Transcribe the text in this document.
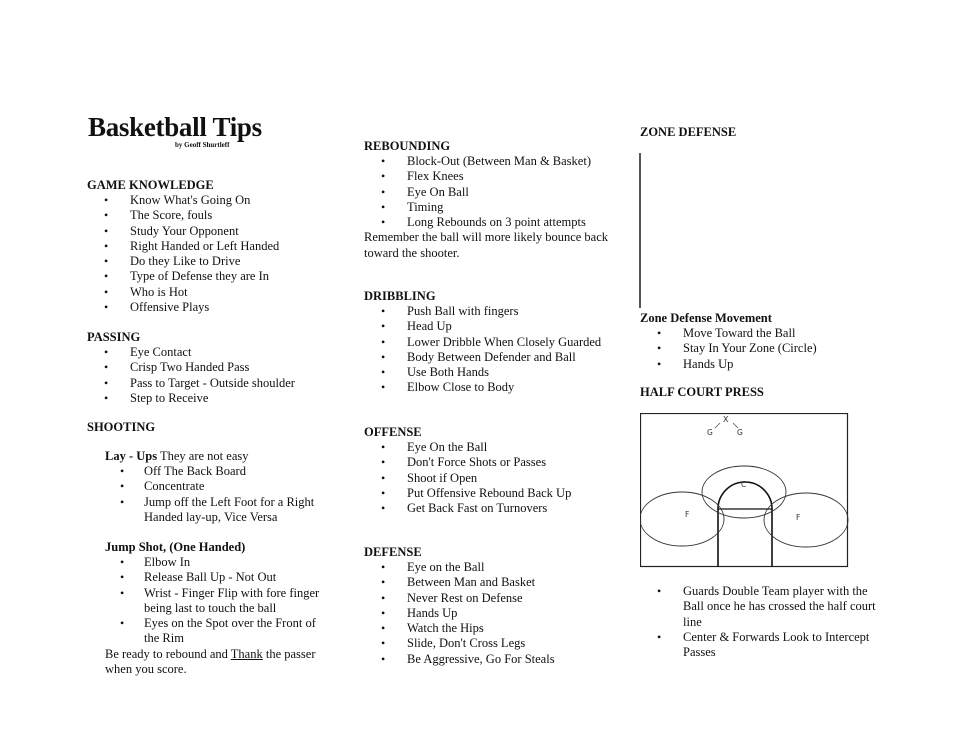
Basketball Tips
by Geoff Shurtleff
GAME KNOWLEDGE
• Know What's Going On
• The Score, fouls
• Study Your Opponent
• Right Handed or Left Handed
• Do they Like to Drive
• Type of Defense they are In
• Who is Hot
• Offensive Plays
PASSING
• Eye Contact
• Crisp Two Handed Pass
• Pass to Target - Outside shoulder
• Step to Receive
SHOOTING
Lay - Ups They are not easy
• Off The Back Board
• Concentrate
• Jump off the Left Foot for a Right Handed lay-up, Vice Versa
Jump Shot, (One Handed)
• Elbow In
• Release Ball Up - Not Out
• Wrist - Finger Flip with fore finger being last to touch the ball
• Eyes on the Spot over the Front of the Rim
Be ready to rebound and Thank the passer when you score.
REBOUNDING
• Block-Out (Between Man & Basket)
• Flex Knees
• Eye On Ball
• Timing
• Long Rebounds on 3 point attempts
Remember the ball will more likely bounce back toward the shooter.
DRIBBLING
• Push Ball with fingers
• Head Up
• Lower Dribble When Closely Guarded
• Body Between Defender and Ball
• Use Both Hands
• Elbow Close to Body
OFFENSE
• Eye On the Ball
• Don't Force Shots or Passes
• Shoot if Open
• Put Offensive Rebound Back Up
• Get Back Fast on Turnovers
DEFENSE
• Eye on the Ball
• Between Man and Basket
• Never Rest on Defense
• Hands Up
• Watch the Hips
• Slide, Don't Cross Legs
• Be Aggressive, Go For Steals
ZONE DEFENSE
Zone Defense Movement
• Move Toward the Ball
• Stay In Your Zone (Circle)
• Hands Up
HALF COURT PRESS
X
G	G
C
F	F
• Guards Double Team player with the Ball once he has crossed the half court line
• Center & Forwards Look to Intercept Passes
